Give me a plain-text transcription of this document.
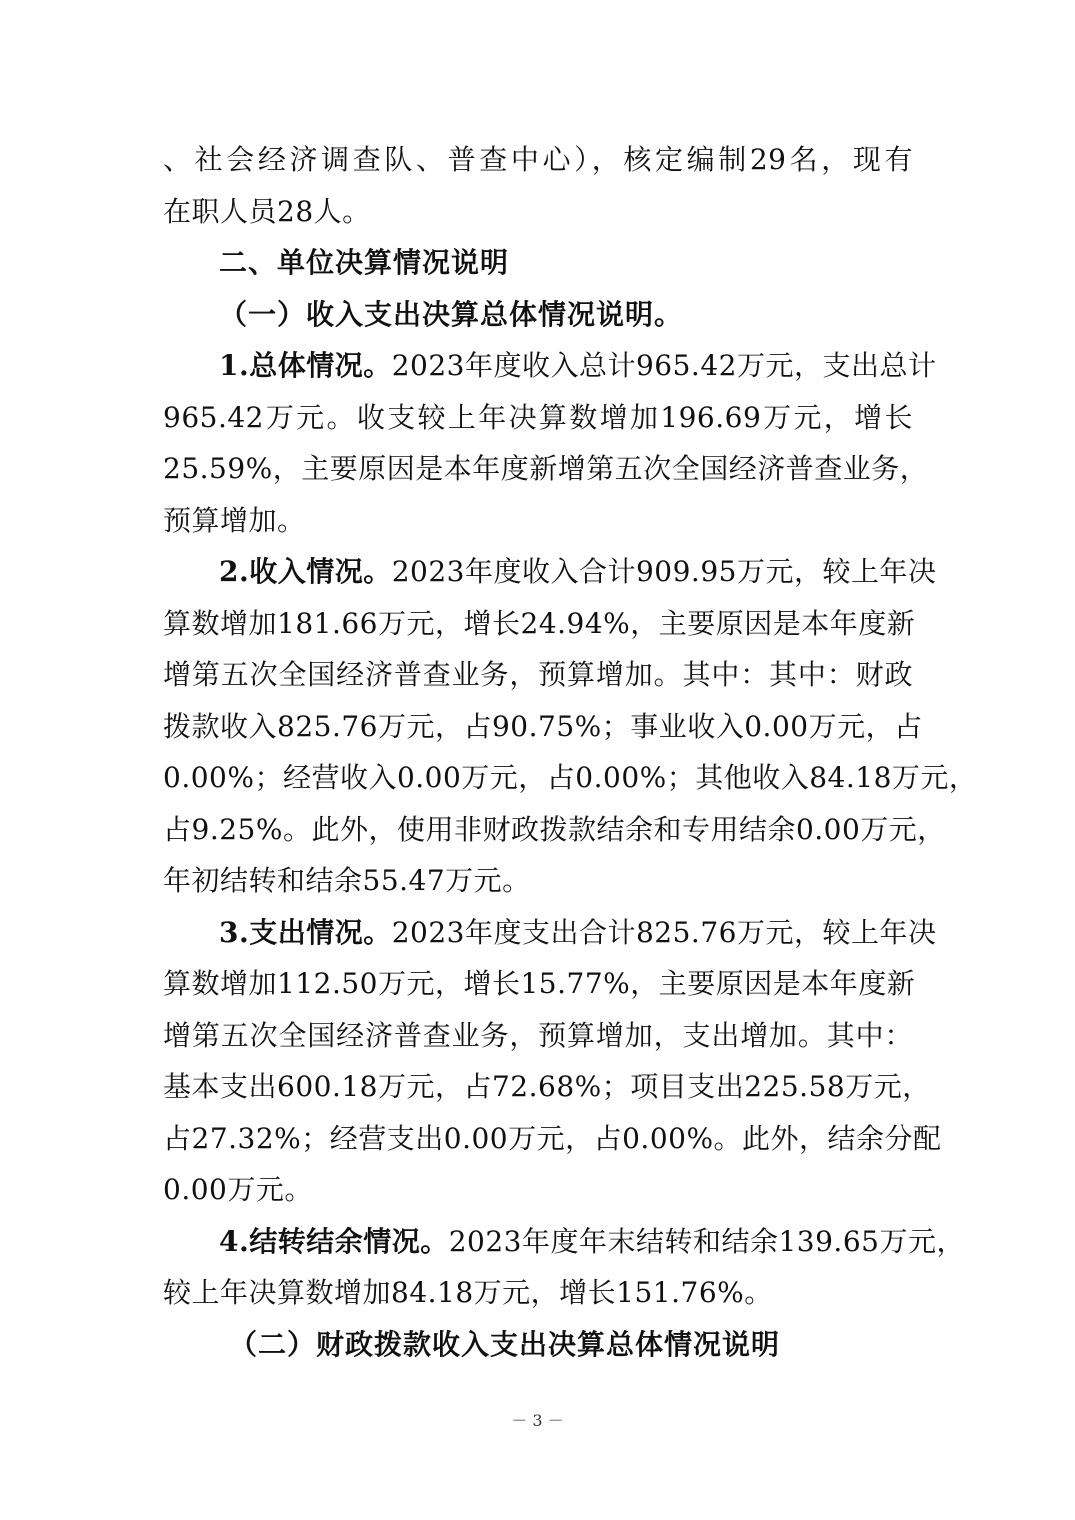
、社会经济调查队、普查中心），核定编制29名，现有
在职人员28人。
二、单位决算情况说明
（一）收入支出决算总体情况说明。
1.总体情况。2023年度收入总计965.42万元，支出总计
965.42万元。收支较上年决算数增加196.69万元，增长
25.59%，主要原因是本年度新增第五次全国经济普查业务，
预算增加。
2.收入情况。2023年度收入合计909.95万元，较上年决
算数增加181.66万元，增长24.94%，主要原因是本年度新
增第五次全国经济普查业务，预算增加。其中：其中：财政
拨款收入825.76万元，占90.75%；事业收入0.00万元，占
0.00%；经营收入0.00万元，占0.00%；其他收入84.18万元，
占9.25%。此外，使用非财政拨款结余和专用结余0.00万元，
年初结转和结余55.47万元。
3.支出情况。2023年度支出合计825.76万元，较上年决
算数增加112.50万元，增长15.77%，主要原因是本年度新
增第五次全国经济普查业务，预算增加，支出增加。其中：
基本支出600.18万元，占72.68%；项目支出225.58万元，
占27.32%；经营支出0.00万元，占0.00%。此外，结余分配
0.00万元。
4.结转结余情况。2023年度年末结转和结余139.65万元，
较上年决算数增加84.18万元，增长151.76%。
（二）财政拨款收入支出决算总体情况说明
－ 3 －
